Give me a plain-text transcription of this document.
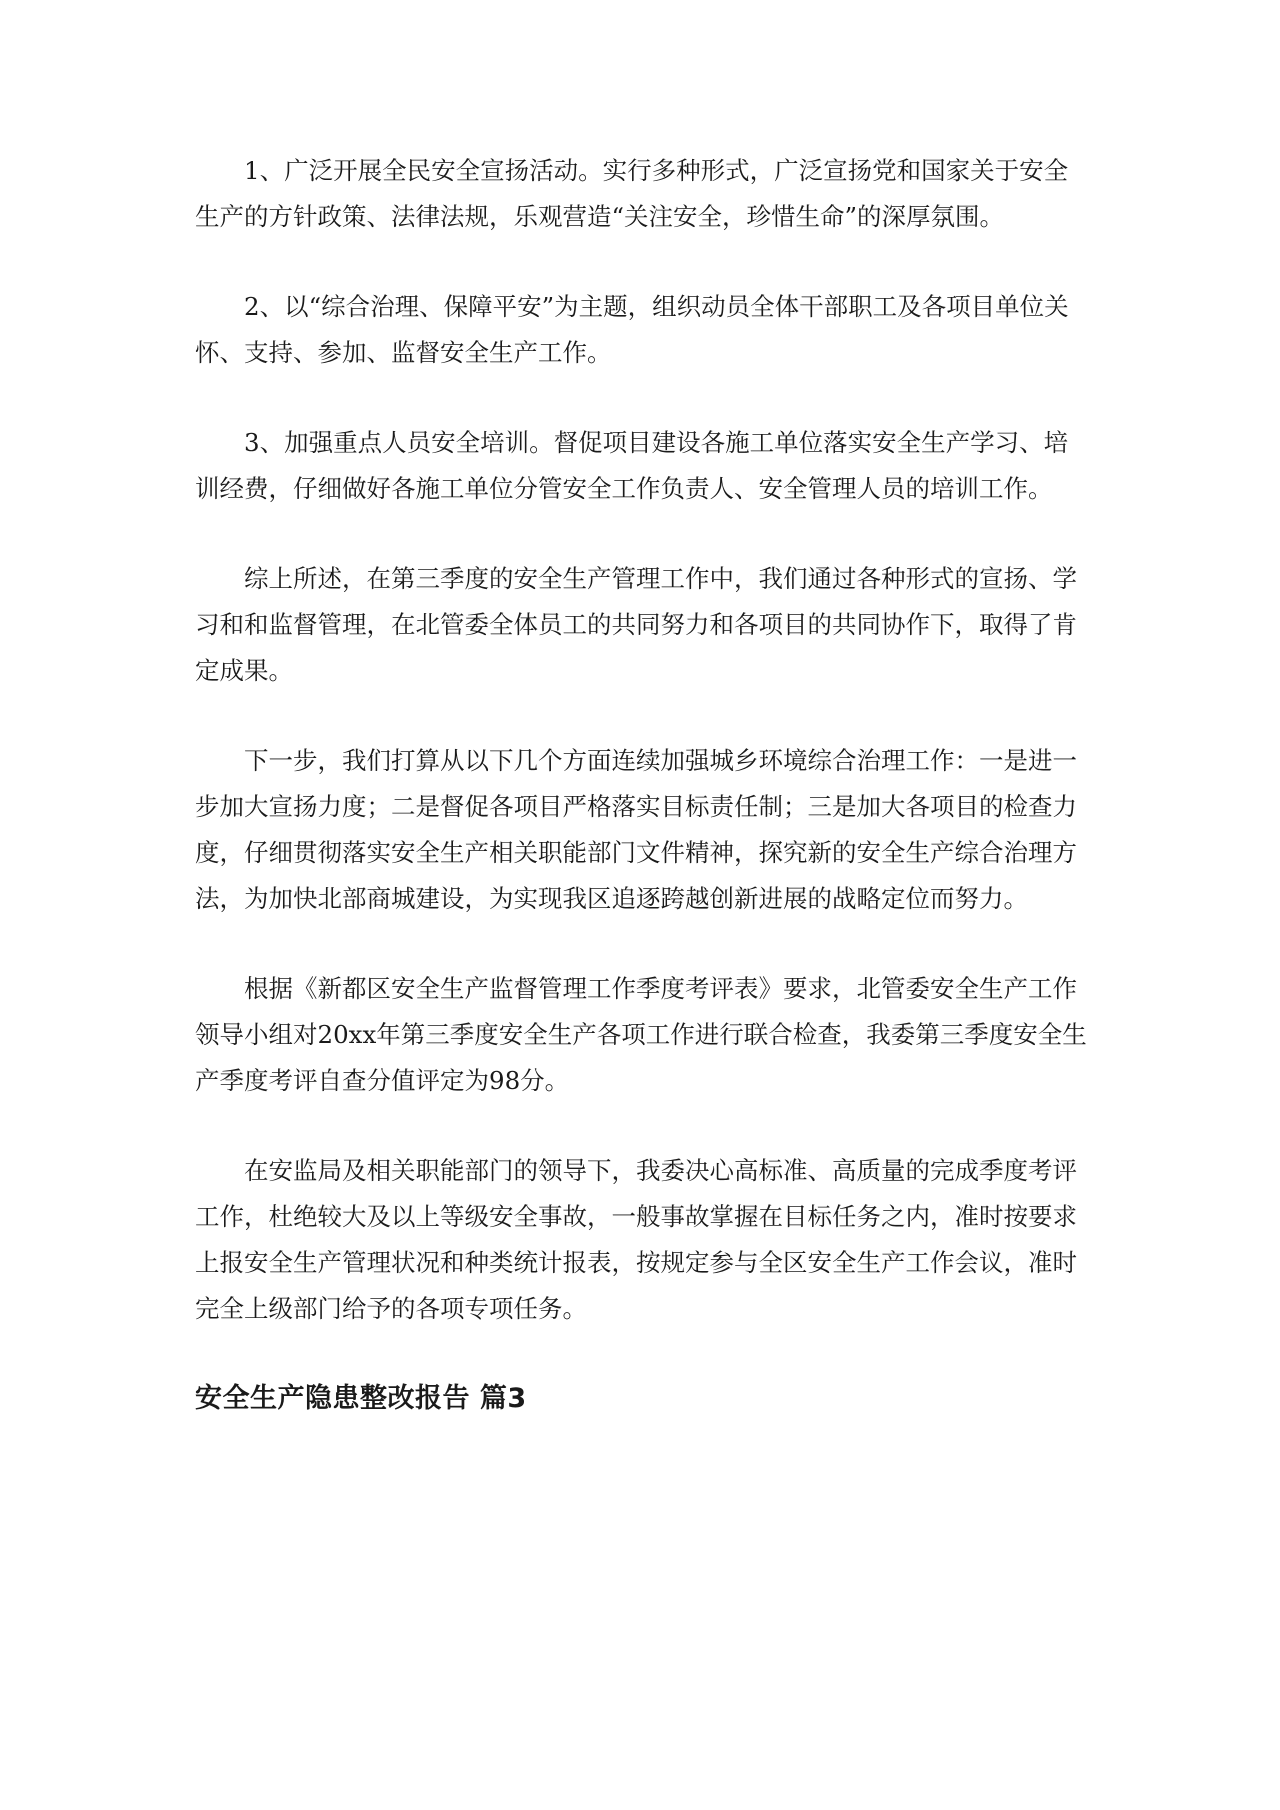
1、广泛开展全民安全宣扬活动。实行多种形式，广泛宣扬党和国家关于安全生产的方针政策、法律法规，乐观营造“关注安全，珍惜生命”的深厚氛围。

2、以“综合治理、保障平安”为主题，组织动员全体干部职工及各项目单位关怀、支持、参加、监督安全生产工作。

3、加强重点人员安全培训。督促项目建设各施工单位落实安全生产学习、培训经费，仔细做好各施工单位分管安全工作负责人、安全管理人员的培训工作。

综上所述，在第三季度的安全生产管理工作中，我们通过各种形式的宣扬、学习和和监督管理，在北管委全体员工的共同努力和各项目的共同协作下，取得了肯定成果。

下一步，我们打算从以下几个方面连续加强城乡环境综合治理工作：一是进一步加大宣扬力度；二是督促各项目严格落实目标责任制；三是加大各项目的检查力度，仔细贯彻落实安全生产相关职能部门文件精神，探究新的安全生产综合治理方法，为加快北部商城建设，为实现我区追逐跨越创新进展的战略定位而努力。

根据《新都区安全生产监督管理工作季度考评表》要求，北管委安全生产工作领导小组对20xx年第三季度安全生产各项工作进行联合检查，我委第三季度安全生产季度考评自查分值评定为98分。

在安监局及相关职能部门的领导下，我委决心高标准、高质量的完成季度考评工作，杜绝较大及以上等级安全事故，一般事故掌握在目标任务之内，准时按要求上报安全生产管理状况和种类统计报表，按规定参与全区安全生产工作会议，准时完全上级部门给予的各项专项任务。

安全生产隐患整改报告 篇3
